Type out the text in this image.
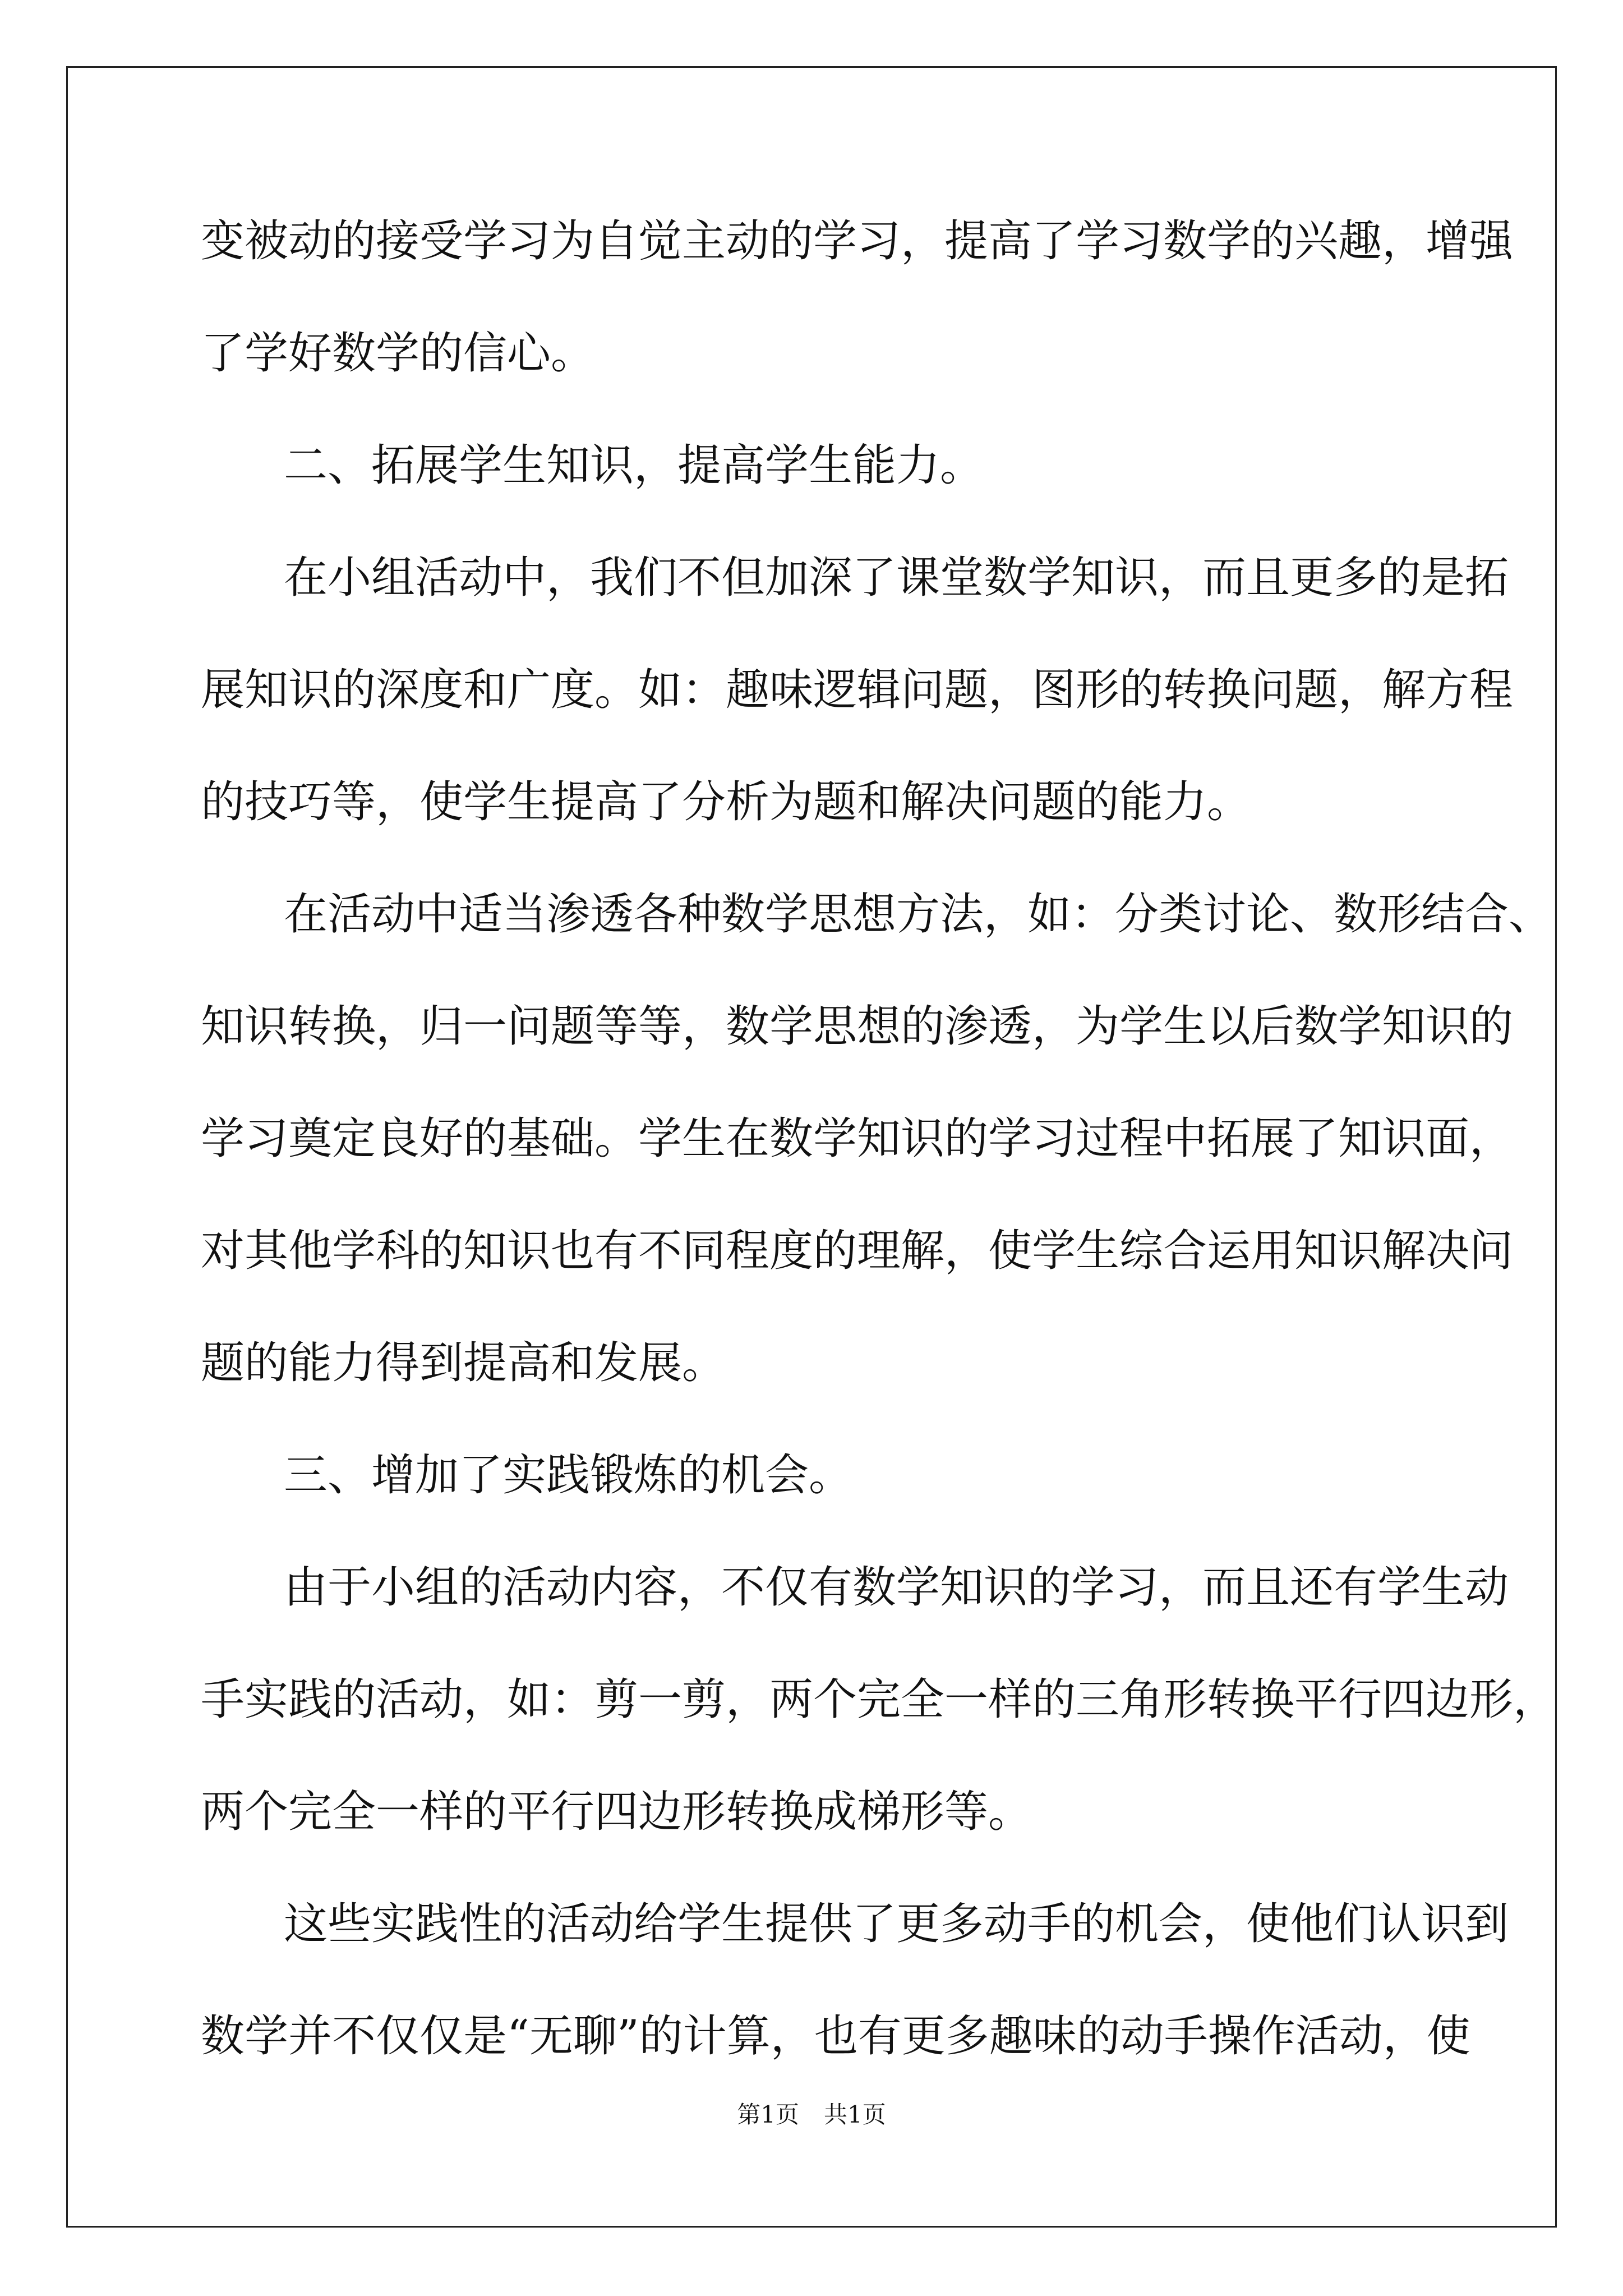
变被动的接受学习为自觉主动的学习，提高了学习数学的兴趣，增强
了学好数学的信心。
二、拓展学生知识，提高学生能力。
在小组活动中，我们不但加深了课堂数学知识，而且更多的是拓
展知识的深度和广度。如：趣味逻辑问题，图形的转换问题，解方程
的技巧等，使学生提高了分析为题和解决问题的能力。
在活动中适当渗透各种数学思想方法，如：分类讨论、数形结合、
知识转换，归一问题等等，数学思想的渗透，为学生以后数学知识的
学习奠定良好的基础。学生在数学知识的学习过程中拓展了知识面，
对其他学科的知识也有不同程度的理解，使学生综合运用知识解决问
题的能力得到提高和发展。
三、增加了实践锻炼的机会。
由于小组的活动内容，不仅有数学知识的学习，而且还有学生动
手实践的活动，如：剪一剪，两个完全一样的三角形转换平行四边形，
两个完全一样的平行四边形转换成梯形等。
这些实践性的活动给学生提供了更多动手的机会，使他们认识到
数学并不仅仅是“无聊”的计算，也有更多趣味的动手操作活动，使
第1页 共1页
